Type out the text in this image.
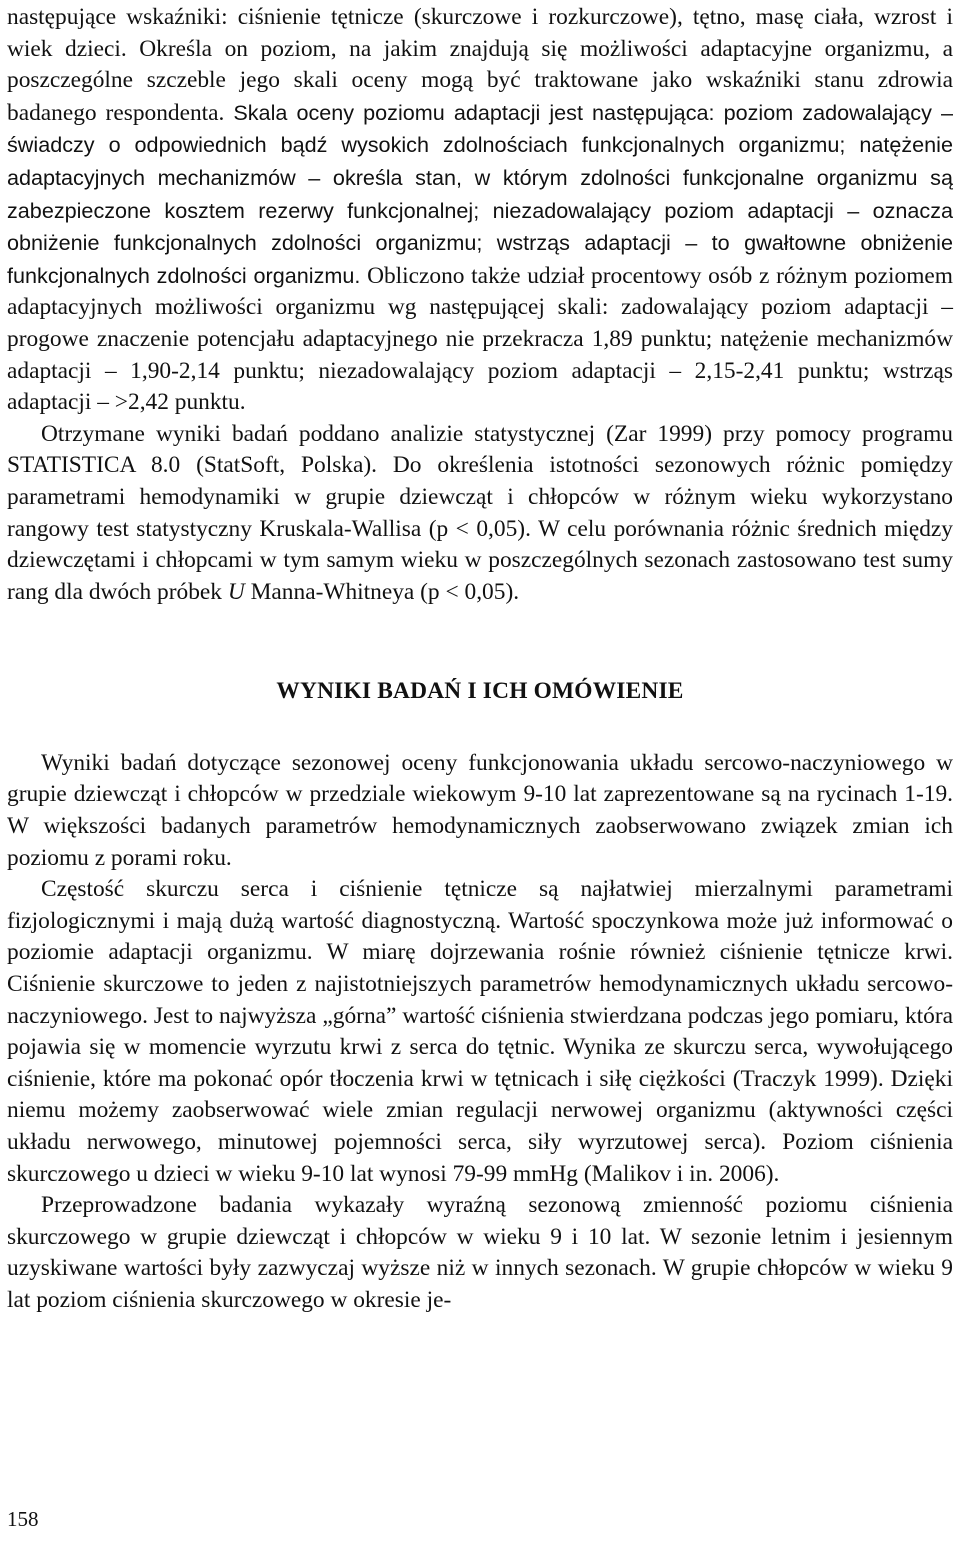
następujące wskaźniki: ciśnienie tętnicze (skurczowe i rozkurczowe), tętno, masę ciała, wzrost i wiek dzieci. Określa on poziom, na jakim znajdują się możliwości adaptacyjne organizmu, a poszczególne szczeble jego skali oceny mogą być traktowane jako wskaźniki stanu zdrowia badanego respondenta. Skala oceny poziomu adaptacji jest następująca: poziom zadowalający – świadczy o odpowiednich bądź wysokich zdolnościach funkcjonalnych organizmu; natężenie adaptacyjnych mechanizmów – określa stan, w którym zdolności funkcjonalne organizmu są zabezpieczone kosztem rezerwy funkcjonalnej; niezadowalający poziom adaptacji – oznacza obniżenie funkcjonalnych zdolności organizmu; wstrząs adaptacji – to gwałtowne obniżenie funkcjonalnych zdolności organizmu. Obliczono także udział procentowy osób z różnym poziomem adaptacyjnych możliwości organizmu wg następującej skali: zadowalający poziom adaptacji – progowe znaczenie potencjału adaptacyjnego nie przekracza 1,89 punktu; natężenie mechanizmów adaptacji – 1,90-2,14 punktu; niezadowalający poziom adaptacji – 2,15-2,41 punktu; wstrząs adaptacji – >2,42 punktu.

Otrzymane wyniki badań poddano analizie statystycznej (Zar 1999) przy pomocy programu STATISTICA 8.0 (StatSoft, Polska). Do określenia istotności sezonowych różnic pomiędzy parametrami hemodynamiki w grupie dziewcząt i chłopców w różnym wieku wykorzystano rangowy test statystyczny Kruskala-Wallisa (p < 0,05). W celu porównania różnic średnich między dziewczętami i chłopcami w tym samym wieku w poszczególnych sezonach zastosowano test sumy rang dla dwóch próbek U Manna-Whitneya (p < 0,05).

WYNIKI BADAŃ I ICH OMÓWIENIE

Wyniki badań dotyczące sezonowej oceny funkcjonowania układu sercowo-naczyniowego w grupie dziewcząt i chłopców w przedziale wiekowym 9-10 lat zaprezentowane są na rycinach 1-19. W większości badanych parametrów hemodynamicznych zaobserwowano związek zmian ich poziomu z porami roku.

Częstość skurczu serca i ciśnienie tętnicze są najłatwiej mierzalnymi parametrami fizjologicznymi i mają dużą wartość diagnostyczną. Wartość spoczynkowa może już informować o poziomie adaptacji organizmu. W miarę dojrzewania rośnie również ciśnienie tętnicze krwi. Ciśnienie skurczowe to jeden z najistotniejszych parametrów hemodynamicznych układu sercowo-naczyniowego. Jest to najwyższa „górna” wartość ciśnienia stwierdzana podczas jego pomiaru, która pojawia się w momencie wyrzutu krwi z serca do tętnic. Wynika ze skurczu serca, wywołującego ciśnienie, które ma pokonać opór tłoczenia krwi w tętnicach i siłę ciężkości (Traczyk 1999). Dzięki niemu możemy zaobserwować wiele zmian regulacji nerwowej organizmu (aktywności części układu nerwowego, minutowej pojemności serca, siły wyrzutowej serca). Poziom ciśnienia skurczowego u dzieci w wieku 9-10 lat wynosi 79-99 mmHg (Malikov i in. 2006).

Przeprowadzone badania wykazały wyraźną sezonową zmienność poziomu ciśnienia skurczowego w grupie dziewcząt i chłopców w wieku 9 i 10 lat. W sezonie letnim i jesiennym uzyskiwane wartości były zazwyczaj wyższe niż w innych sezonach. W grupie chłopców w wieku 9 lat poziom ciśnienia skurczowego w okresie je-

158
